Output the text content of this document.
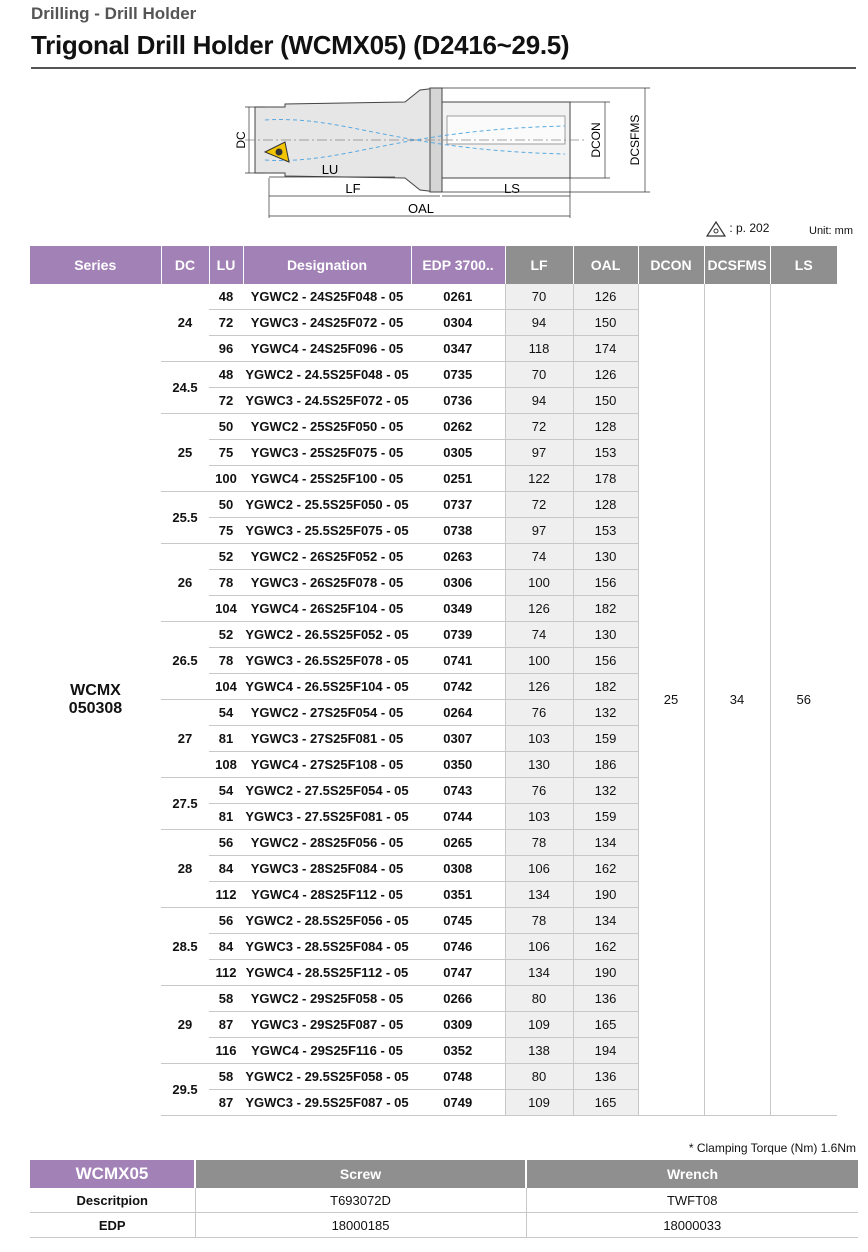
Drilling - Drill Holder
Trigonal Drill Holder (WCMX05) (D2416~29.5)
DC
LU
LF	LS
OAL
DCON DCSFMS
: p. 202	Unit: mm
Series	DC	LU	Designation	EDP 3700..	LF	OAL	DCON	DCSFMS	LS

WCMX
050308	24	48	YGWC2 - 24S25F048 - 05	0261	70	126	25	34	56
		72	YGWC3 - 24S25F072 - 05	0304	94	150			
		96	YGWC4 - 24S25F096 - 05	0347	118	174			
	24.5	48	YGWC2 - 24.5S25F048 - 05	0735	70	126			
		72	YGWC3 - 24.5S25F072 - 05	0736	94	150			
	25	50	YGWC2 - 25S25F050 - 05	0262	72	128			
		75	YGWC3 - 25S25F075 - 05	0305	97	153			
		100	YGWC4 - 25S25F100 - 05	0251	122	178			
	25.5	50	YGWC2 - 25.5S25F050 - 05	0737	72	128			
		75	YGWC3 - 25.5S25F075 - 05	0738	97	153			
	26	52	YGWC2 - 26S25F052 - 05	0263	74	130			
		78	YGWC3 - 26S25F078 - 05	0306	100	156			
		104	YGWC4 - 26S25F104 - 05	0349	126	182			
	26.5	52	YGWC2 - 26.5S25F052 - 05	0739	74	130			
		78	YGWC3 - 26.5S25F078 - 05	0741	100	156			
		104	YGWC4 - 26.5S25F104 - 05	0742	126	182			
	27	54	YGWC2 - 27S25F054 - 05	0264	76	132			
		81	YGWC3 - 27S25F081 - 05	0307	103	159			
		108	YGWC4 - 27S25F108 - 05	0350	130	186			
	27.5	54	YGWC2 - 27.5S25F054 - 05	0743	76	132			
		81	YGWC3 - 27.5S25F081 - 05	0744	103	159			
	28	56	YGWC2 - 28S25F056 - 05	0265	78	134			
		84	YGWC3 - 28S25F084 - 05	0308	106	162			
		112	YGWC4 - 28S25F112 - 05	0351	134	190			
	28.5	56	YGWC2 - 28.5S25F056 - 05	0745	78	134			
		84	YGWC3 - 28.5S25F084 - 05	0746	106	162			
		112	YGWC4 - 28.5S25F112 - 05	0747	134	190			
	29	58	YGWC2 - 29S25F058 - 05	0266	80	136			
		87	YGWC3 - 29S25F087 - 05	0309	109	165			
		116	YGWC4 - 29S25F116 - 05	0352	138	194			
	29.5	58	YGWC2 - 29.5S25F058 - 05	0748	80	136			
		87	YGWC3 - 29.5S25F087 - 05	0749	109	165			
* Clamping Torque (Nm) 1.6Nm
WCMX05	Screw	Wrench
Descritpion	T693072D	TWFT08
EDP	18000185	18000033
